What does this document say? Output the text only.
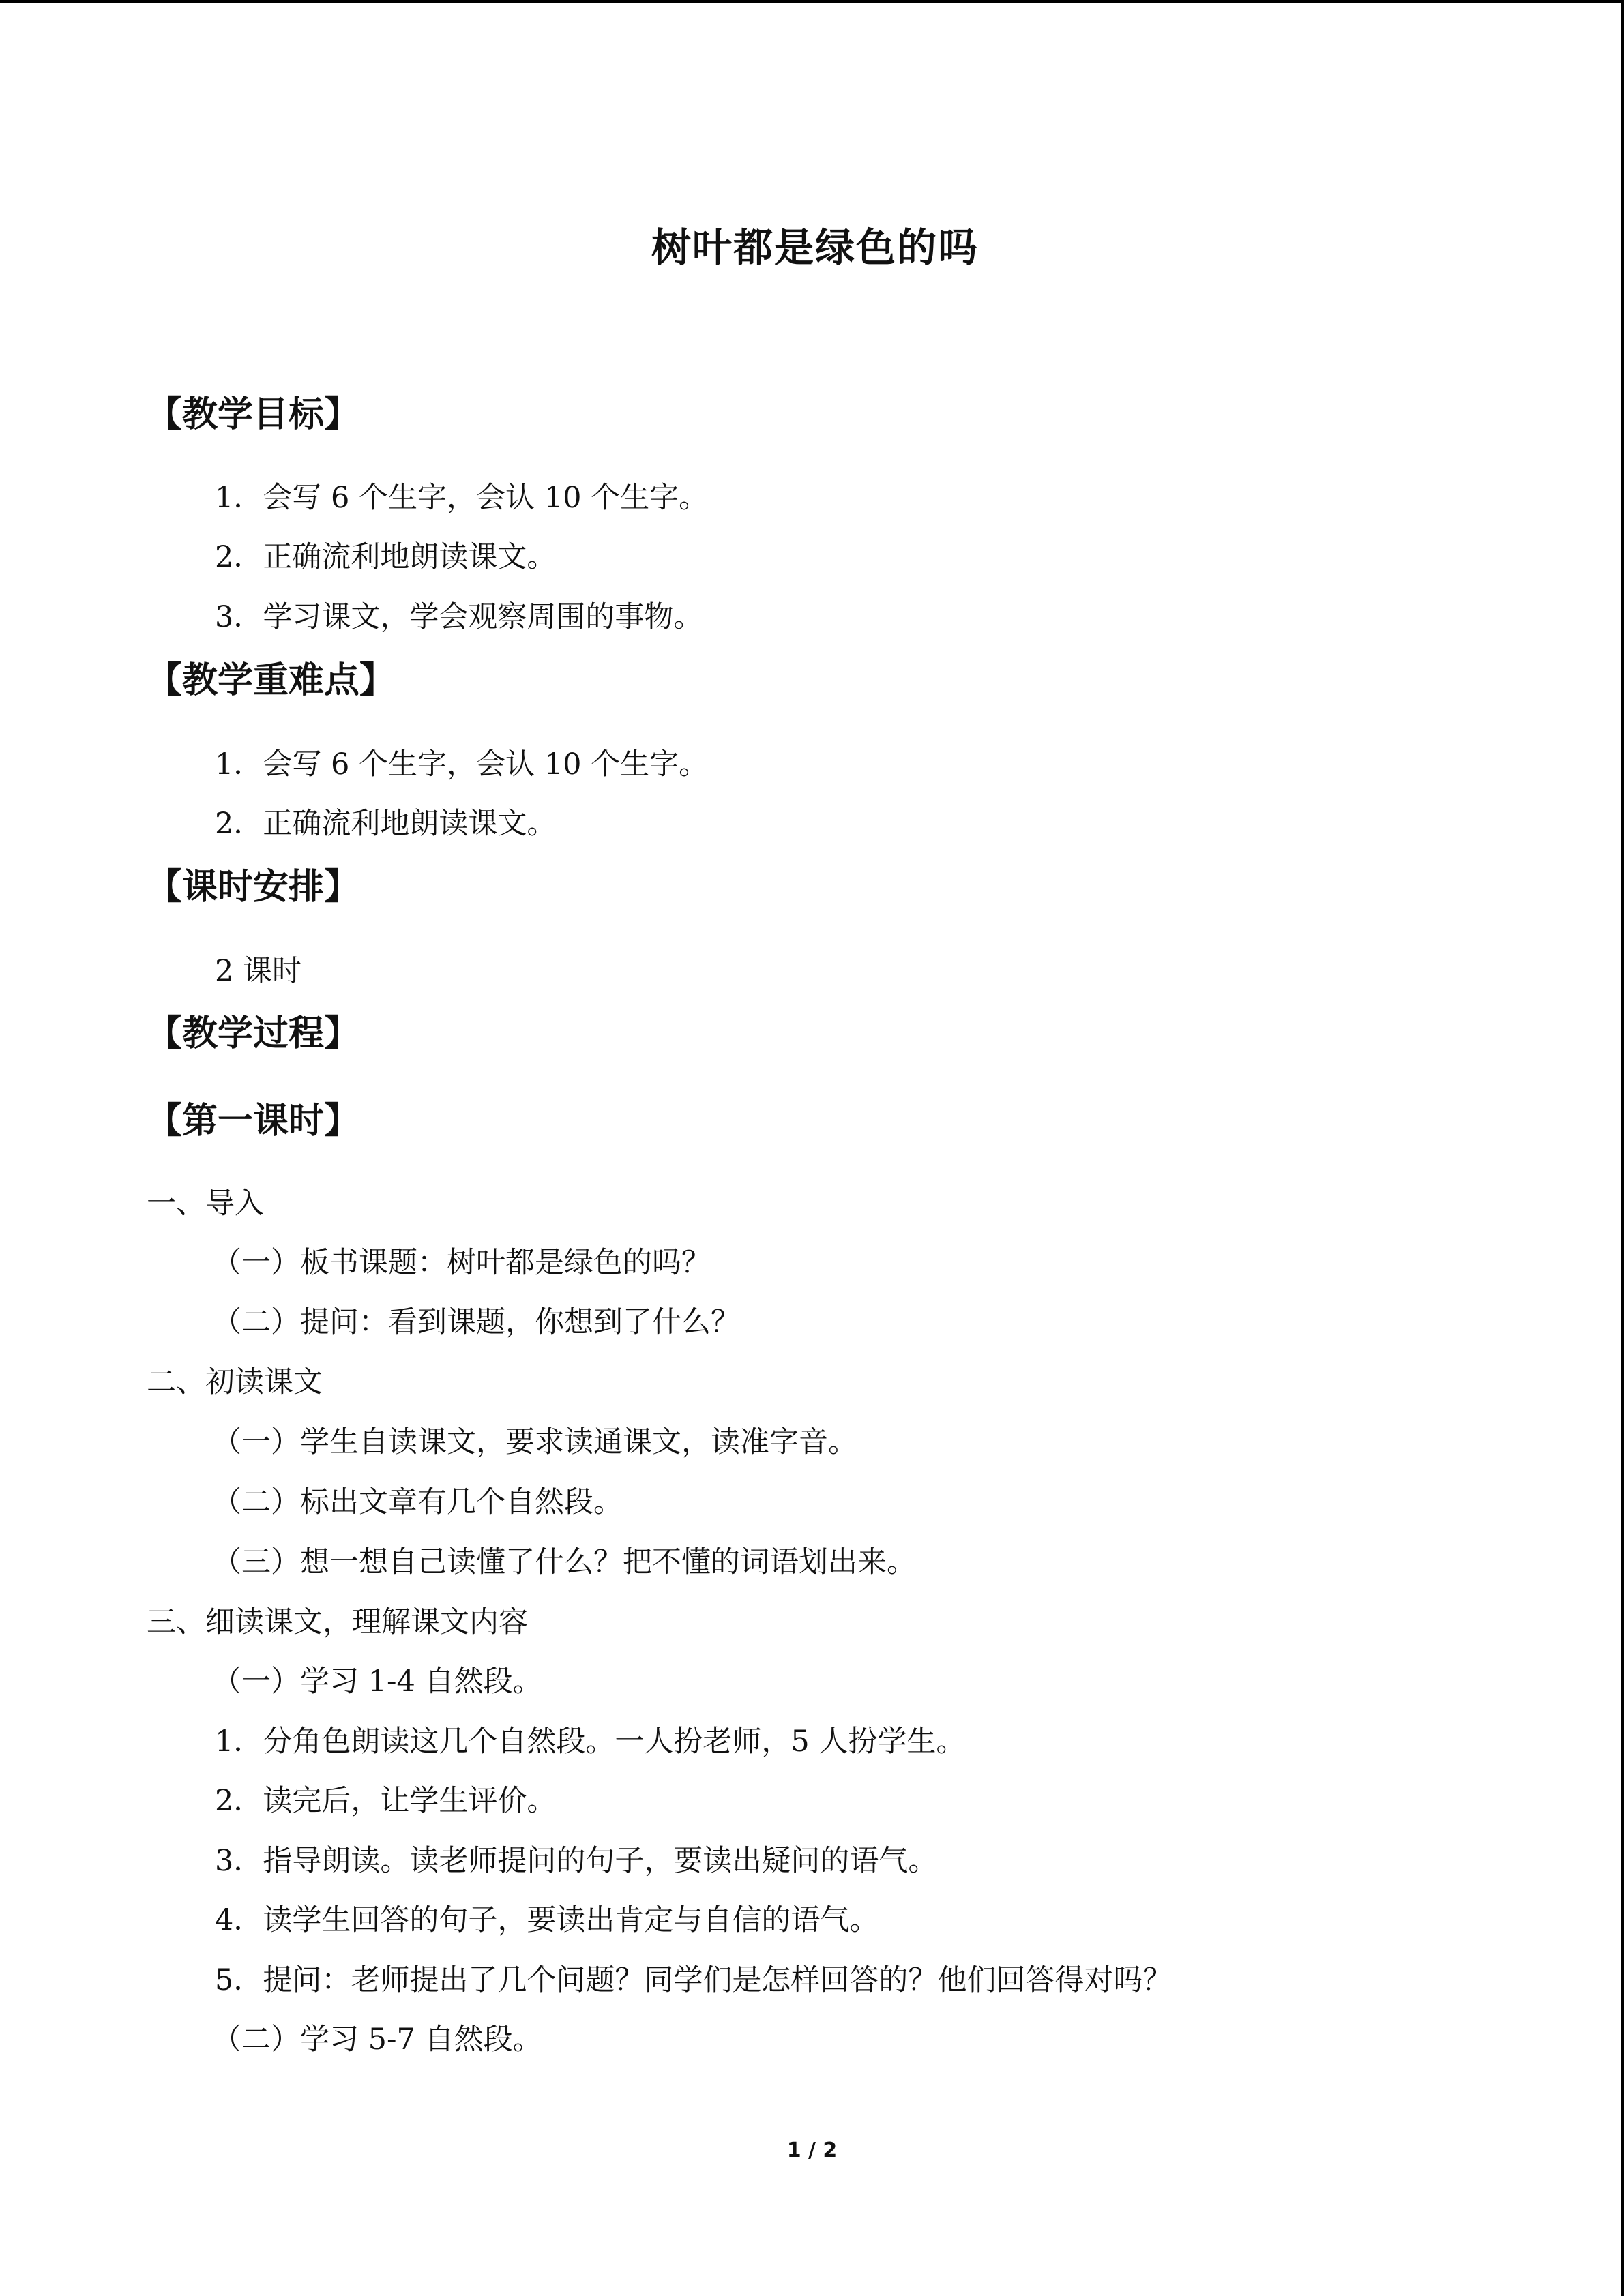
树叶都是绿色的吗
【教学目标】
1．会写 6 个生字，会认 10 个生字。
2．正确流利地朗读课文。
3．学习课文，学会观察周围的事物。
【教学重难点】
1．会写 6 个生字，会认 10 个生字。
2．正确流利地朗读课文。
【课时安排】
2 课时
【教学过程】
【第一课时】
一、导入
（一）板书课题：树叶都是绿色的吗？
（二）提问：看到课题，你想到了什么？
二、初读课文
（一）学生自读课文，要求读通课文，读准字音。
（二）标出文章有几个自然段。
（三）想一想自己读懂了什么？把不懂的词语划出来。
三、细读课文，理解课文内容
（一）学习 1-4 自然段。
1．分角色朗读这几个自然段。一人扮老师，5 人扮学生。
2．读完后，让学生评价。
3．指导朗读。读老师提问的句子，要读出疑问的语气。
4．读学生回答的句子，要读出肯定与自信的语气。
5．提问：老师提出了几个问题？同学们是怎样回答的？他们回答得对吗？
（二）学习 5-7 自然段。
1 / 2
